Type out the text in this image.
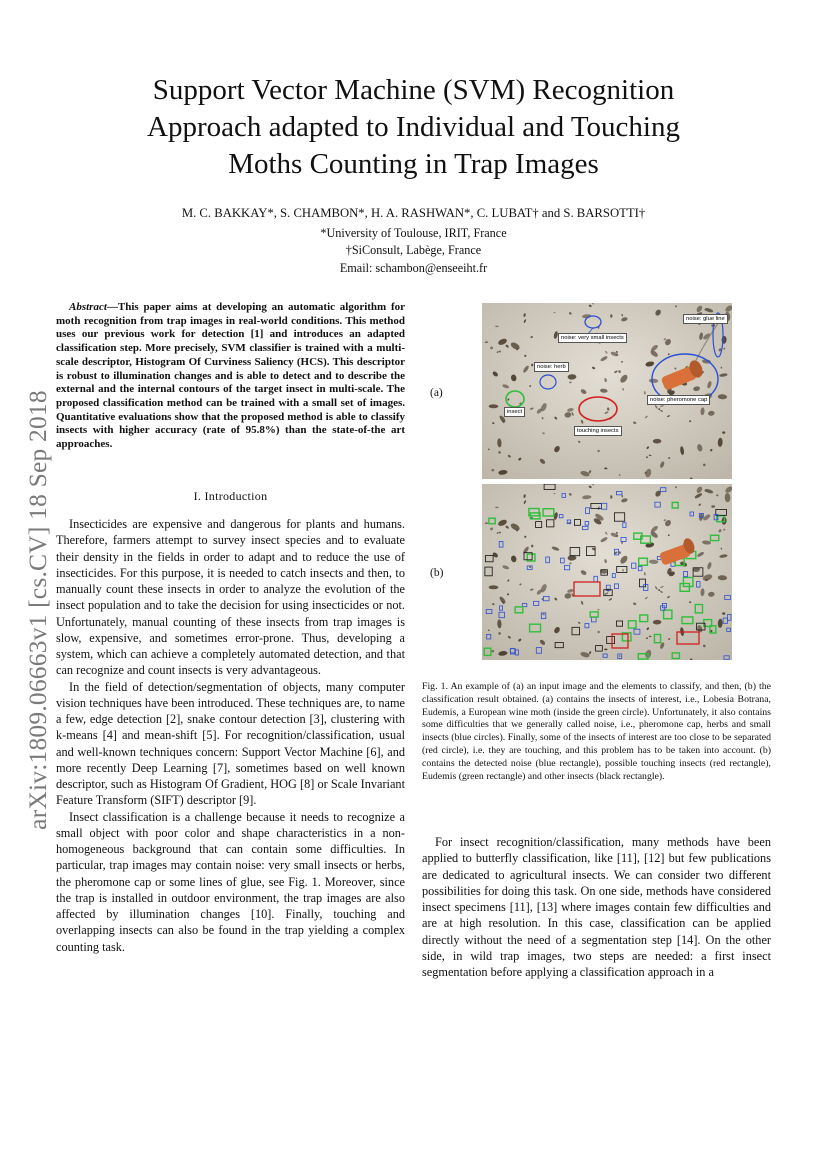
arXiv:1809.06663v1 [cs.CV] 18 Sep 2018
Support Vector Machine (SVM) Recognition
Approach adapted to Individual and Touching
Moths Counting in Trap Images
M. C. BAKKAY*, S. CHAMBON*, H. A. RASHWAN*, C. LUBAT† and S. BARSOTTI†
*University of Toulouse, IRIT, France
†SiConsult, Labège, France
Email: schambon@enseeiht.fr

Abstract—This paper aims at developing an automatic algorithm for moth recognition from trap images in real-world conditions. This method uses our previous work for detection [1] and introduces an adapted classification step. More precisely, SVM classifier is trained with a multi-scale descriptor, Histogram Of Curviness Saliency (HCS). This descriptor is robust to illumination changes and is able to detect and to describe the external and the internal contours of the target insect in multi-scale. The proposed classification method can be trained with a small set of images. Quantitative evaluations show that the proposed method is able to classify insects with higher accuracy (rate of 95.8%) than the state-of-the art approaches.

I. Introduction

Insecticides are expensive and dangerous for plants and humans. Therefore, farmers attempt to survey insect species and to evaluate their density in the fields in order to adapt and to reduce the use of insecticides. For this purpose, it is needed to catch insects and then, to manually count these insects in order to analyze the evolution of the insect population and to take the decision for using insecticides or not. Unfortunately, manual counting of these insects from trap images is slow, expensive, and sometimes error-prone. Thus, developing a system, which can achieve a completely automated detection, and that can recognize and count insects is very advantageous.

In the field of detection/segmentation of objects, many computer vision techniques have been introduced. These techniques are, to name a few, edge detection [2], snake contour detection [3], clustering with k-means [4] and mean-shift [5]. For recognition/classification, usual and well-known techniques concern: Support Vector Machine [6], and more recently Deep Learning [7], sometimes based on well known descriptor, such as Histogram Of Gradient, HOG [8] or Scale Invariant Feature Transform (SIFT) descriptor [9].

Insect classification is a challenge because it needs to recognize a small object with poor color and shape characteristics in a non-homogeneous background that can contain some difficulties. In particular, trap images may contain noise: very small insects or herbs, the pheromone cap or some lines of glue, see Fig. 1. Moreover, since the trap is installed in outdoor environment, the trap images are also affected by illumination changes [10]. Finally, touching and overlapping insects can also be found in the trap yielding a complex counting task.

For insect recognition/classification, many methods have been applied to butterfly classification, like [11], [12] but few publications are dedicated to agricultural insects. We can consider two different possibilities for doing this task. On one side, methods have considered insect specimens [11], [13] where images contain few difficulties and are at high resolution. In this case, classification can be applied directly without the need of a segmentation step [14]. On the other side, in wild trap images, two steps are needed: a first insect segmentation before applying a classification approach in a

(a)
(b)
noise: very small insects
noise: glue line
noise: herb
insect
touching insects
noise: pheromone cap
Fig. 1. An example of (a) an input image and the elements to classify, and then, (b) the classification result obtained. (a) contains the insects of interest, i.e., Lobesia Botrana, Eudemis, a European wine moth (inside the green circle). Unfortunately, it also contains some difficulties that we generally called noise, i.e., pheromone cap, herbs and small insects (blue circles). Finally, some of the insects of interest are too close to be separated (red circle), i.e. they are touching, and this problem has to be taken into account. (b) contains the detected noise (blue rectangle), possible touching insects (red rectangle), Eudemis (green rectangle) and other insects (black rectangle).
